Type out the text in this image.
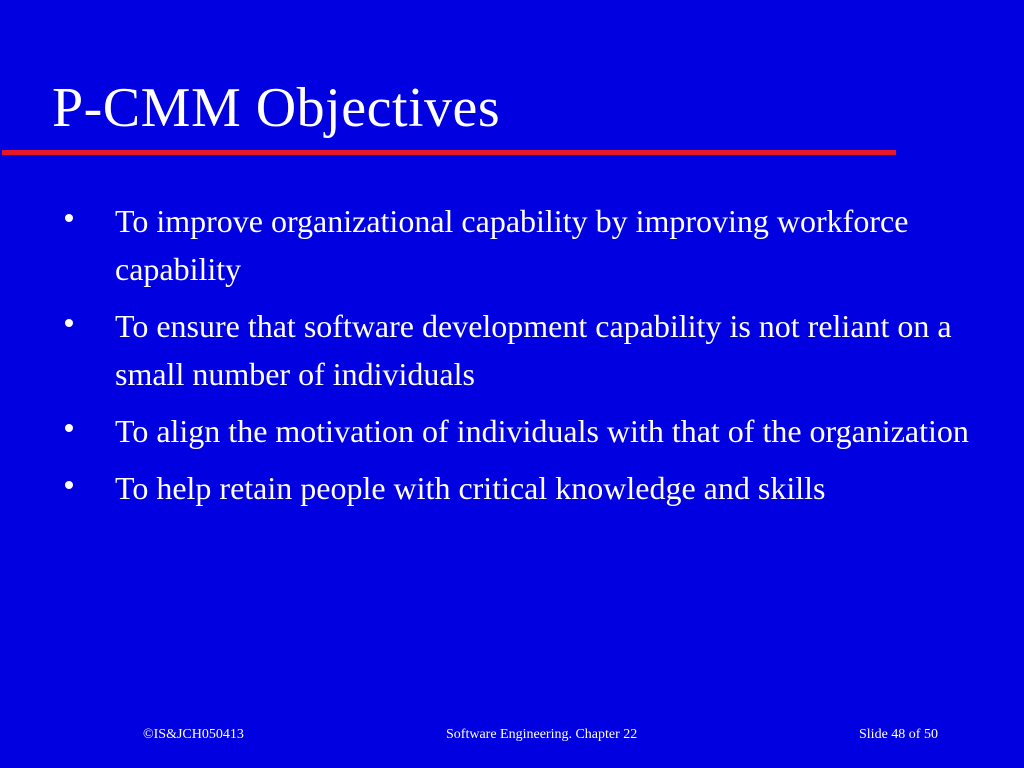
P-CMM Objectives
To improve organizational capability by improving workforce capability
To ensure that software development capability is not reliant on a small number of individuals
To align the motivation of individuals with that of the organization
To help retain people with critical knowledge and skills
©IS&JCH050413	Software Engineering. Chapter 22	Slide 48 of 50
